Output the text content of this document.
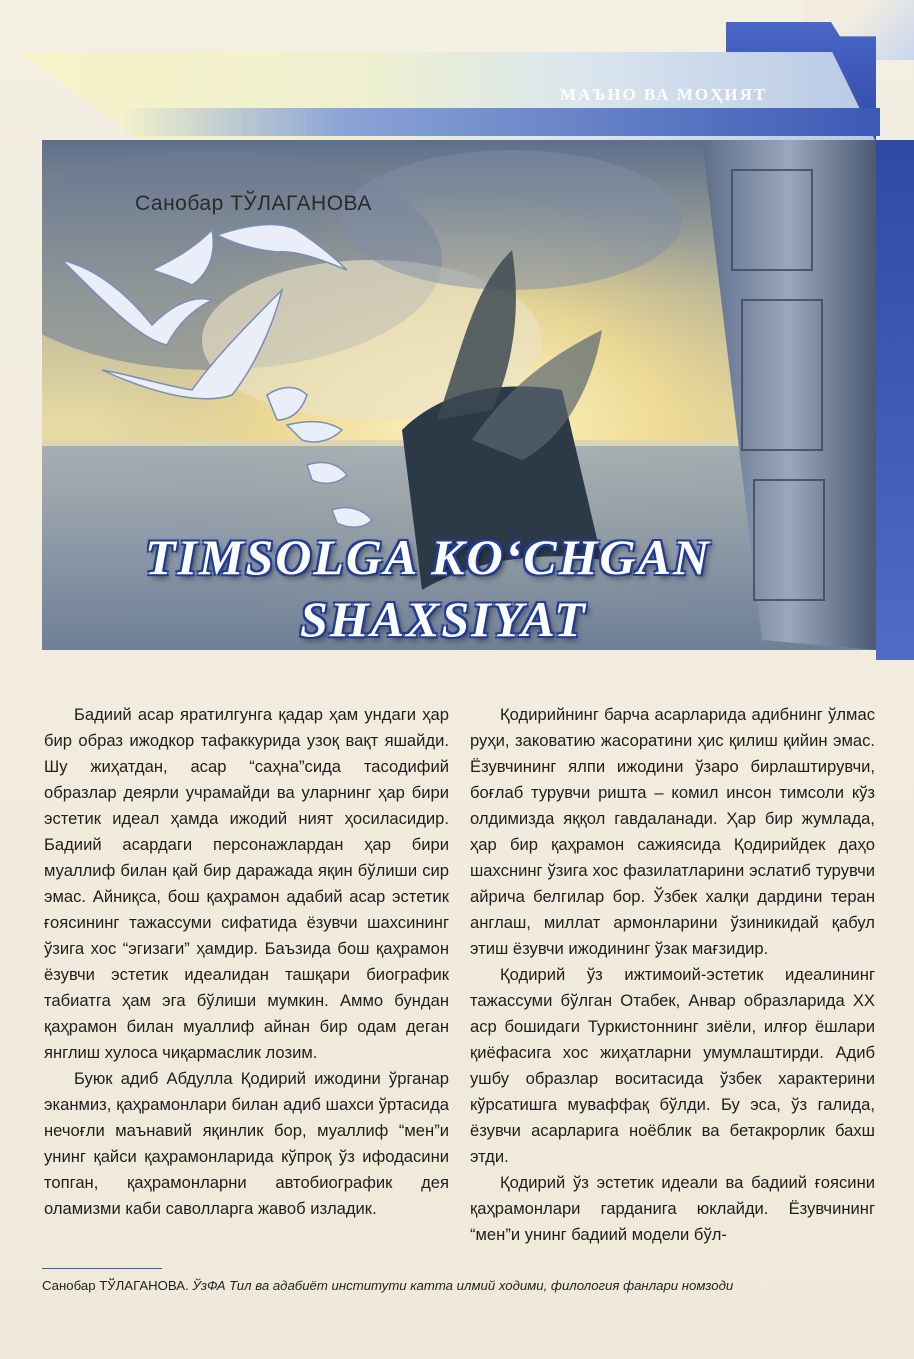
МАЪНО ВА МОҲИЯТ
Санобар ТЎЛАГАНОВА
TIMSOLGA KO‘CHGAN
SHAXSIYAT

Бадиий асар яратилгунга қадар ҳам ундаги ҳар бир образ ижодкор тафаккурида узоқ вақт яшайди. Шу жиҳатдан, асар “саҳна”сида тасодифий образлар деярли учрамайди ва уларнинг ҳар бири эстетик идеал ҳамда ижодий ният ҳосиласидир. Бадиий асардаги персонажлардан ҳар бири муаллиф билан қай бир даражада яқин бўлиши сир эмас. Айниқса, бош қаҳрамон адабий асар эстетик ғоясининг тажассуми сифатида ёзувчи шахсининг ўзига хос “эгизаги” ҳамдир. Баъзида бош қаҳрамон ёзувчи эстетик идеалидан ташқари биографик табиатга ҳам эга бўлиши мумкин. Аммо бундан қаҳрамон билан муаллиф айнан бир одам деган янглиш хулоса чиқармаслик лозим.

Буюк адиб Абдулла Қодирий ижодини ўрганар эканмиз, қаҳрамонлари билан адиб шахси ўртасида нечоғли маънавий яқинлик бор, муаллиф “мен”и унинг қайси қаҳрамонларида кўпроқ ўз ифодасини топган, қаҳрамонларни автобиографик дея оламизми каби саволларга жавоб изладик.

Қодирийнинг барча асарларида адибнинг ўлмас руҳи, заковатию жасоратини ҳис қилиш қийин эмас. Ёзувчининг ялпи ижодини ўзаро бирлаштирувчи, боғлаб турувчи ришта – комил инсон тимсоли кўз олдимизда яққол гавдаланади. Ҳар бир жумлада, ҳар бир қаҳрамон сажиясида Қодирийдек даҳо шахснинг ўзига хос фазилатларини эслатиб турувчи айрича белгилар бор. Ўзбек халқи дардини теран англаш, миллат армонларини ўзиникидай қабул этиш ёзувчи ижодининг ўзак мағзидир.

Қодирий ўз ижтимоий-эстетик идеалининг тажассуми бўлган Отабек, Анвар образларида XX аср бошидаги Туркистоннинг зиёли, илғор ёшлари қиёфасига хос жиҳатларни умумлаштирди. Адиб ушбу образлар воситасида ўзбек характерини кўрсатишга муваффақ бўлди. Бу эса, ўз галида, ёзувчи асарларига ноёблик ва бетакрорлик бахш этди.

Қодирий ўз эстетик идеали ва бадиий ғоясини қаҳрамонлари гарданига юклайди. Ёзувчининг “мен”и унинг бадиий модели бўл-

Санобар ТЎЛАГАНОВА. ЎзФА Тил ва адабиёт институти катта илмий ходими, филология фанлари номзоди
